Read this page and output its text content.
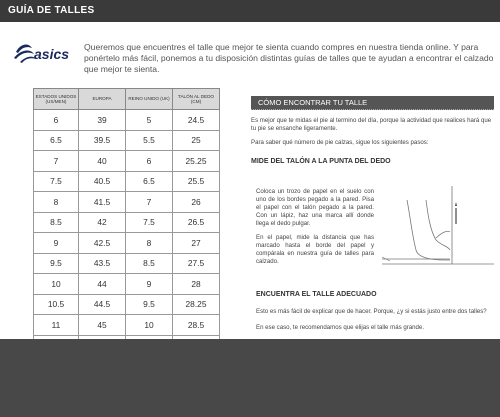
GUÍA DE TALLES
asics Queremos que encuentres el talle que mejor te sienta cuando compres en nuestra tienda online. Y para ponértelo más fácil, ponemos a tu disposición distintas guías de talles que te ayudan a encontrar el calzado que mejor te sienta.

ESTADOS UNIDOS (US/MEN)	EUROPA	REINO UNIDO (UK)	TALÓN AL DEDO (CM)
6	39	5	24.5
6.5	39.5	5.5	25
7	40	6	25.25
7.5	40.5	6.5	25.5
8	41.5	7	26
8.5	42	7.5	26.5
9	42.5	8	27
9.5	43.5	8.5	27.5
10	44	9	28
10.5	44.5	9.5	28.25
11	45	10	28.5

CÓMO ENCONTRAR TU TALLE

Es mejor que te midas el pie al termino del día, porque la actividad que realices hará que tu pie se ensanche ligeramente.

Para saber qué número de pie calzas, sigue los siguientes pasos:

MIDE DEL TALÓN A LA PUNTA DEL DEDO

Coloca un trozo de papel en el suelo con uno de los bordes pegado a la pared. Pisa el papel con el talón pegado a la pared. Con un lápiz, haz una marca allí donde llega el dedo pulgar.

En el papel, mide la distancia que has marcado hasta el borde del papel y compárala en nuestra guía de talles para calzado.

ENCUENTRA EL TALLE ADECUADO

Esto es más fácil de explicar que de hacer. Porque, ¿y si estás justo entre dos talles?

En ese caso, te recomendamos que elijas el talle más grande.
